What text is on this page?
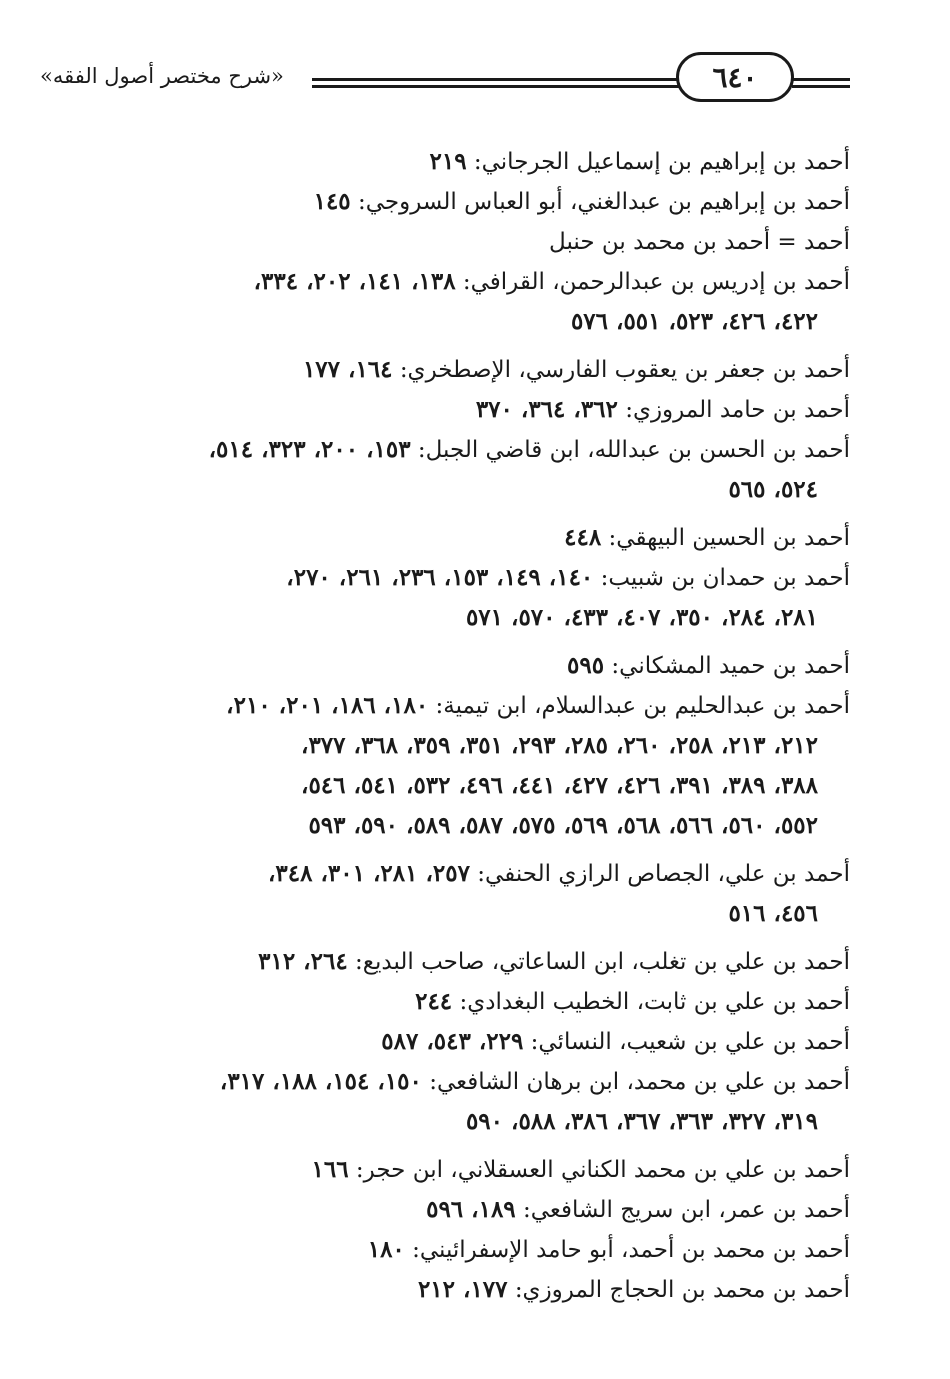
«شرح مختصر أصول الفقه»	٦٤٠
أحمد بن إبراهيم بن إسماعيل الجرجاني: ٢١٩
أحمد بن إبراهيم بن عبدالغني، أبو العباس السروجي: ١٤٥
أحمد = أحمد بن محمد بن حنبل
أحمد بن إدريس بن عبدالرحمن، القرافي: ١٣٨، ١٤١، ٢٠٢، ٣٣٤،
٤٢٢، ٤٢٦، ٥٢٣، ٥٥١، ٥٧٦
أحمد بن جعفر بن يعقوب الفارسي، الإصطخري: ١٦٤، ١٧٧
أحمد بن حامد المروزي: ٣٦٢، ٣٦٤، ٣٧٠
أحمد بن الحسن بن عبدالله، ابن قاضي الجبل: ١٥٣، ٢٠٠، ٣٢٣، ٥١٤،
٥٢٤، ٥٦٥
أحمد بن الحسين البيهقي: ٤٤٨
أحمد بن حمدان بن شبيب: ١٤٠، ١٤٩، ١٥٣، ٢٣٦، ٢٦١، ٢٧٠،
٢٨١، ٢٨٤، ٣٥٠، ٤٠٧، ٤٣٣، ٥٧٠، ٥٧١
أحمد بن حميد المشكاني: ٥٩٥
أحمد بن عبدالحليم بن عبدالسلام، ابن تيمية: ١٨٠، ١٨٦، ٢٠١، ٢١٠،
٢١٢، ٢١٣، ٢٥٨، ٢٦٠، ٢٨٥، ٢٩٣، ٣٥١، ٣٥٩، ٣٦٨، ٣٧٧،
٣٨٨، ٣٨٩، ٣٩١، ٤٢٦، ٤٢٧، ٤٤١، ٤٩٦، ٥٣٢، ٥٤١، ٥٤٦،
٥٥٢، ٥٦٠، ٥٦٦، ٥٦٨، ٥٦٩، ٥٧٥، ٥٨٧، ٥٨٩، ٥٩٠، ٥٩٣
أحمد بن علي، الجصاص الرازي الحنفي: ٢٥٧، ٢٨١، ٣٠١، ٣٤٨،
٤٥٦، ٥١٦
أحمد بن علي بن تغلب، ابن الساعاتي، صاحب البديع: ٢٦٤، ٣١٢
أحمد بن علي بن ثابت، الخطيب البغدادي: ٢٤٤
أحمد بن علي بن شعيب، النسائي: ٢٢٩، ٥٤٣، ٥٨٧
أحمد بن علي بن محمد، ابن برهان الشافعي: ١٥٠، ١٥٤، ١٨٨، ٣١٧،
٣١٩، ٣٢٧، ٣٦٣، ٣٦٧، ٣٨٦، ٥٨٨، ٥٩٠
أحمد بن علي بن محمد الكناني العسقلاني، ابن حجر: ١٦٦
أحمد بن عمر، ابن سريج الشافعي: ١٨٩، ٥٩٦
أحمد بن محمد بن أحمد، أبو حامد الإسفرائيني: ١٨٠
أحمد بن محمد بن الحجاج المروزي: ١٧٧، ٢١٢
